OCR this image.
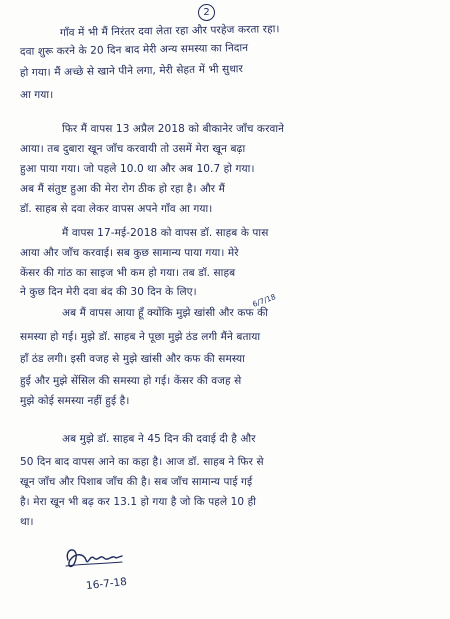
2
गाँव में भी मैं निरंतर दवा लेता रहा और परहेज करता रहा।
दवा शुरू करने के 20 दिन बाद मेरी अन्य समस्या का निदान
हो गया। मैं अच्छे से खाने पीने लगा, मेरी सेहत में भी सुधार
आ गया।
फिर मैं वापस 13 अप्रैल 2018 को बीकानेर जाँच करवाने
आया। तब दुबारा खून जाँच करवायी तो उसमें मेरा खून बढ़ा
हुआ पाया गया। जो पहले 10.0 था और अब 10.7 हो गया।
अब मैं संतुष्ट हुआ की मेरा रोग ठीक हो रहा है। और मैं
डॉ. साहब से दवा लेकर वापस अपने गाँव आ गया।
मैं वापस 17-मई-2018 को वापस डॉ. साहब के पास
आया और जाँच करवाई। सब कुछ सामान्य पाया गया। मेरे
केंसर की गांठ का साइज भी कम हो गया। तब डॉ. साहब
ने कुछ दिन मेरी दवा बंद की 30 दिन के लिए।
6/7/18
अब मैं वापस आया हूँ क्योंकि मुझे खांसी और कफ की
समस्या हो गई। मुझे डॉ. साहब ने पूछा मुझे ठंड लगी मैंने बताया
हाँ ठंड लगी। इसी वजह से मुझे खांसी और कफ की समस्या
हुई और मुझे सेंसिल की समस्या हो गई। केंसर की वजह से
मुझे कोई समस्या नहीं हुई है।
अब मुझे डॉ. साहब ने 45 दिन की दवाई दी है और
50 दिन बाद वापस आने का कहा है। आज डॉ. साहब ने फिर से
खून जाँच और पिशाब जाँच की है। सब जाँच सामान्य पाई गई
है। मेरा खून भी बढ़ कर 13.1 हो गया है जो कि पहले 10 ही
था।
16-7-18
